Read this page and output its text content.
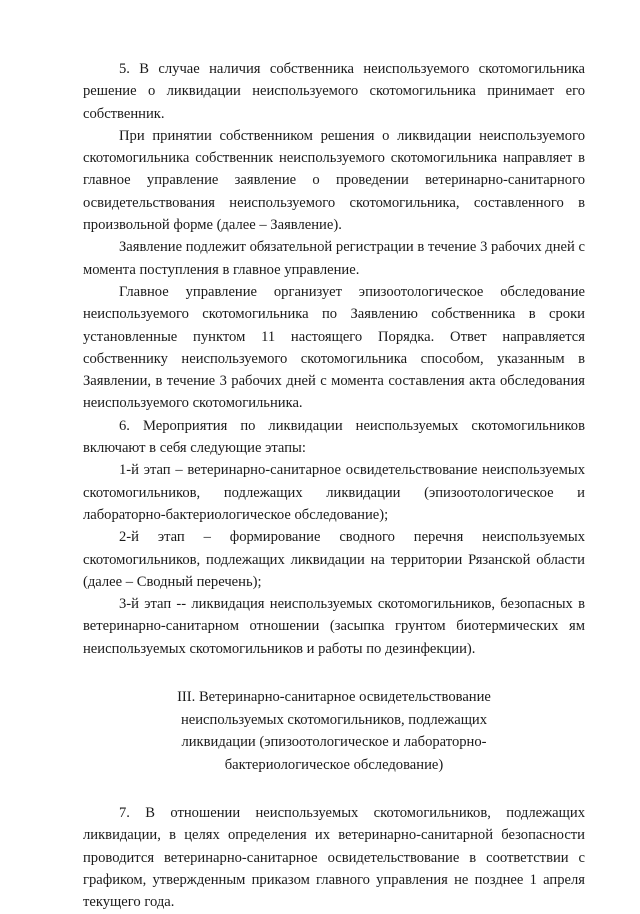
5. В случае наличия собственника неиспользуемого скотомогильника решение о ликвидации неиспользуемого скотомогильника принимает его собственник.

При принятии собственником решения о ликвидации неиспользуемого скотомогильника собственник неиспользуемого скотомогильника направляет в главное управление заявление о проведении ветеринарно-санитарного освидетельствования неиспользуемого скотомогильника, составленного в произвольной форме (далее – Заявление).

Заявление подлежит обязательной регистрации в течение 3 рабочих дней с момента поступления в главное управление.

Главное управление организует эпизоотологическое обследование неиспользуемого скотомогильника по Заявлению собственника в сроки установленные пунктом 11 настоящего Порядка. Ответ направляется собственнику неиспользуемого скотомогильника способом, указанным в Заявлении, в течение 3 рабочих дней с момента составления акта обследования неиспользуемого скотомогильника.

6. Мероприятия по ликвидации неиспользуемых скотомогильников включают в себя следующие этапы:

1-й этап – ветеринарно-санитарное освидетельствование неиспользуемых скотомогильников, подлежащих ликвидации (эпизоотологическое и лабораторно-бактериологическое обследование);

2-й этап – формирование сводного перечня неиспользуемых скотомогильников, подлежащих ликвидации на территории Рязанской области (далее – Сводный перечень);

3-й этап -- ликвидация неиспользуемых скотомогильников, безопасных в ветеринарно-санитарном отношении (засыпка грунтом биотермических ям неиспользуемых скотомогильников и работы по дезинфекции).

III. Ветеринарно-санитарное освидетельствование неиспользуемых скотомогильников, подлежащих ликвидации (эпизоотологическое и лабораторно-бактериологическое обследование)

7. В отношении неиспользуемых скотомогильников, подлежащих ликвидации, в целях определения их ветеринарно-санитарной безопасности проводится ветеринарно-санитарное освидетельствование в соответствии с графиком, утвержденным приказом главного управления не позднее 1 апреля текущего года.
